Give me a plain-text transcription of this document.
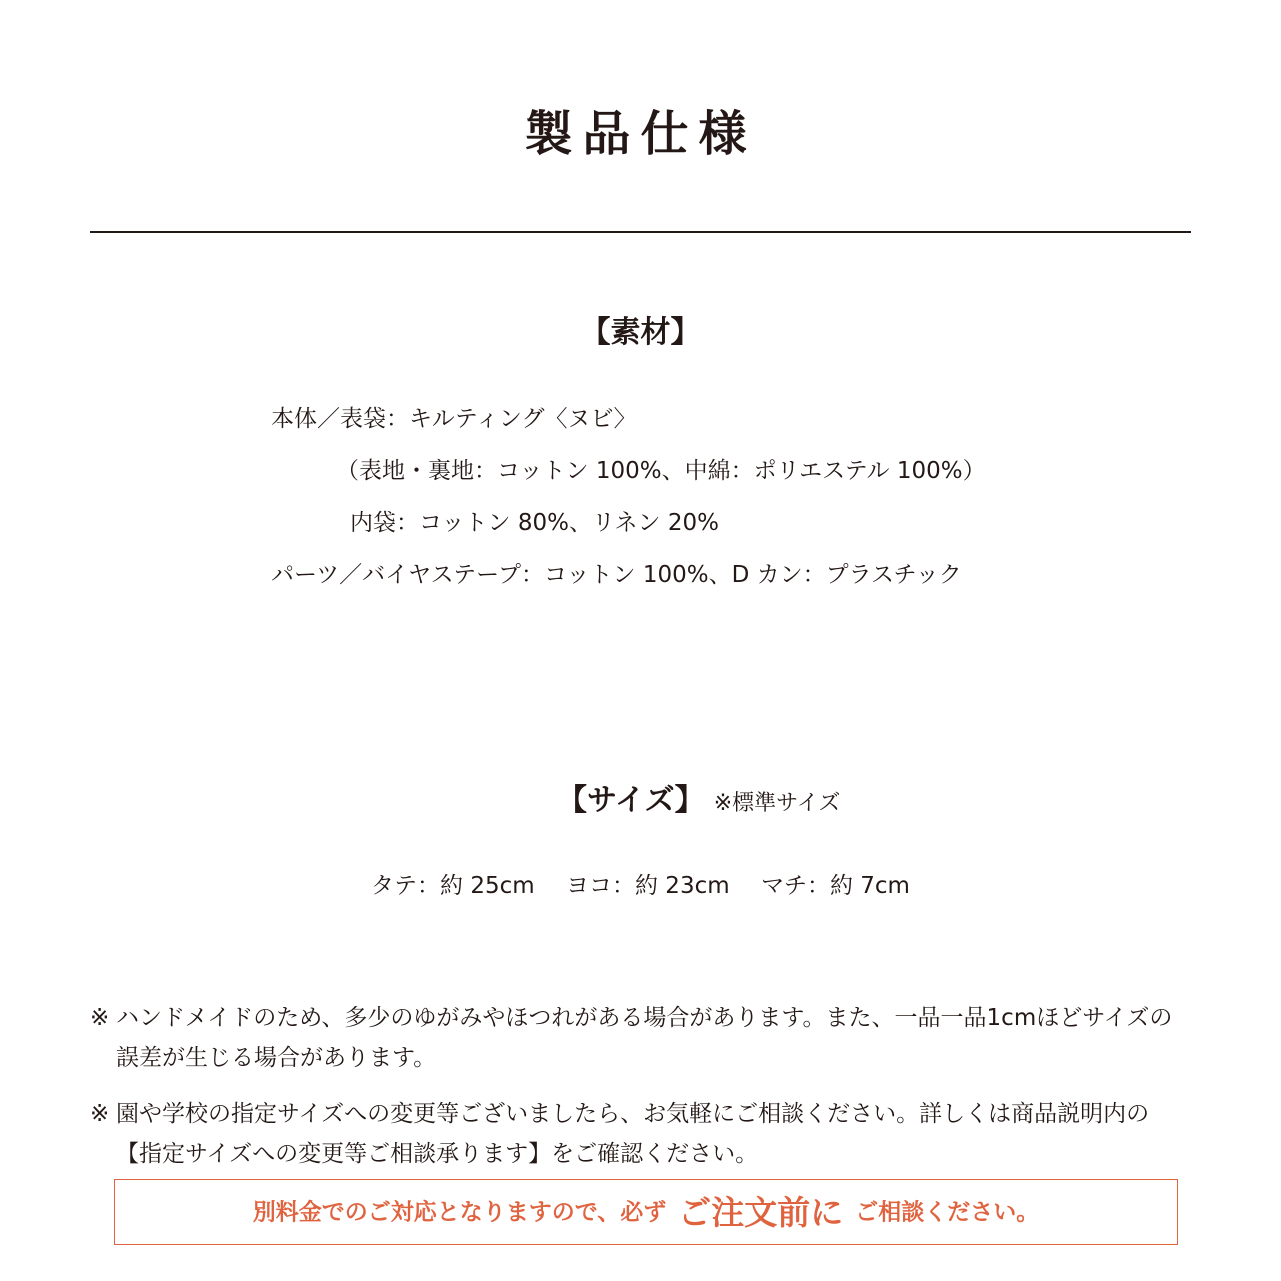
製品仕様
【素材】
本体／表袋：キルティング〈ヌビ〉
（表地・裏地：コットン 100%、中綿：ポリエステル 100%）
内袋：コットン 80%、リネン 20%
パーツ／バイヤステープ：コットン 100%、D カン：プラスチック
【サイズ】 ※標準サイズ
タテ：約 25cm ヨコ：約 23cm マチ：約 7cm
※ ハンドメイドのため、多少のゆがみやほつれがある場合があります。また、一品一品1cmほどサイズの誤差が生じる場合があります。
※ 園や学校の指定サイズへの変更等ございましたら、お気軽にご相談ください。詳しくは商品説明内の【指定サイズへの変更等ご相談承ります】をご確認ください。
別料金でのご対応となりますので、必ず ご注文前に ご相談ください。
